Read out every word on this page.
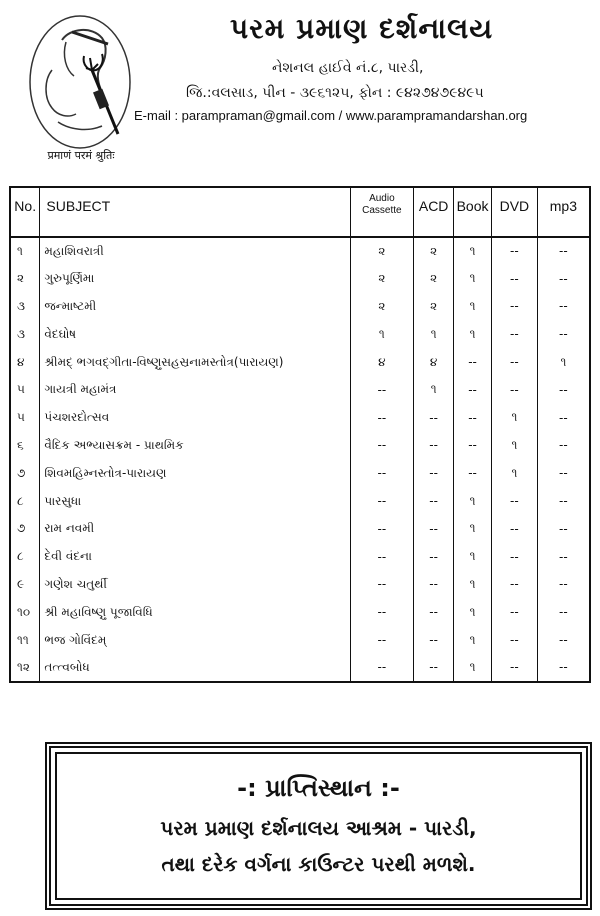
प्रमाणं परमं श्रुतिः
પરમ પ્રમાણ દર્શનાલય
નેશનલ હાઈવે નં.૮, પારડી,
જિ.:વલસાડ, પીન - ૩૯૬૧૨૫, ફોન : ૯૪૨૭૪૭૯૪૯૫
E-mail : parampraman@gmail.com / www.parampramandarshan.org
No.	SUBJECT	Audio Cassette	ACD	Book	DVD	mp3
૧	મહાશિવરાત્રી	૨	૨	૧	--	--
૨	ગુરુપૂર્ણિમા	૨	૨	૧	--	--
૩	જન્માષ્ટમી	૨	૨	૧	--	--
૩	વેદઘોષ	૧	૧	૧	--	--
૪	શ્રીમદ્ ભગવદ્ગીતા-વિષ્ણુસહસ્રનામસ્તોત્ર(પારાયણ)	૪	૪	--	--	૧
૫	ગાયત્રી મહામંત્ર	--	૧	--	--	--
૫	પંચશરદોત્સવ	--	--	--	૧	--
૬	વૈદિક અભ્યાસક્રમ - પ્રાથમિક	--	--	--	૧	--
૭	શિવમહિમ્નસ્તોત્ર-પારાયણ	--	--	--	૧	--
૮	પારસુધા	--	--	૧	--	--
૭	રામ નવમી	--	--	૧	--	--
૮	દેવી વંદના	--	--	૧	--	--
૯	ગણેશ ચતુર્થી	--	--	૧	--	--
૧૦	શ્રી મહાવિષ્ણુ પૂજાવિધિ	--	--	૧	--	--
૧૧	ભજ ગોવિંદમ્	--	--	૧	--	--
૧૨	તત્ત્વબોધ	--	--	૧	--	--
-: પ્રાપ્તિસ્થાન :-
પરમ પ્રમાણ દર્શનાલય આશ્રમ - પારડી,
તથા દરેક વર્ગના કાઉન્ટર પરથી મળશે.
